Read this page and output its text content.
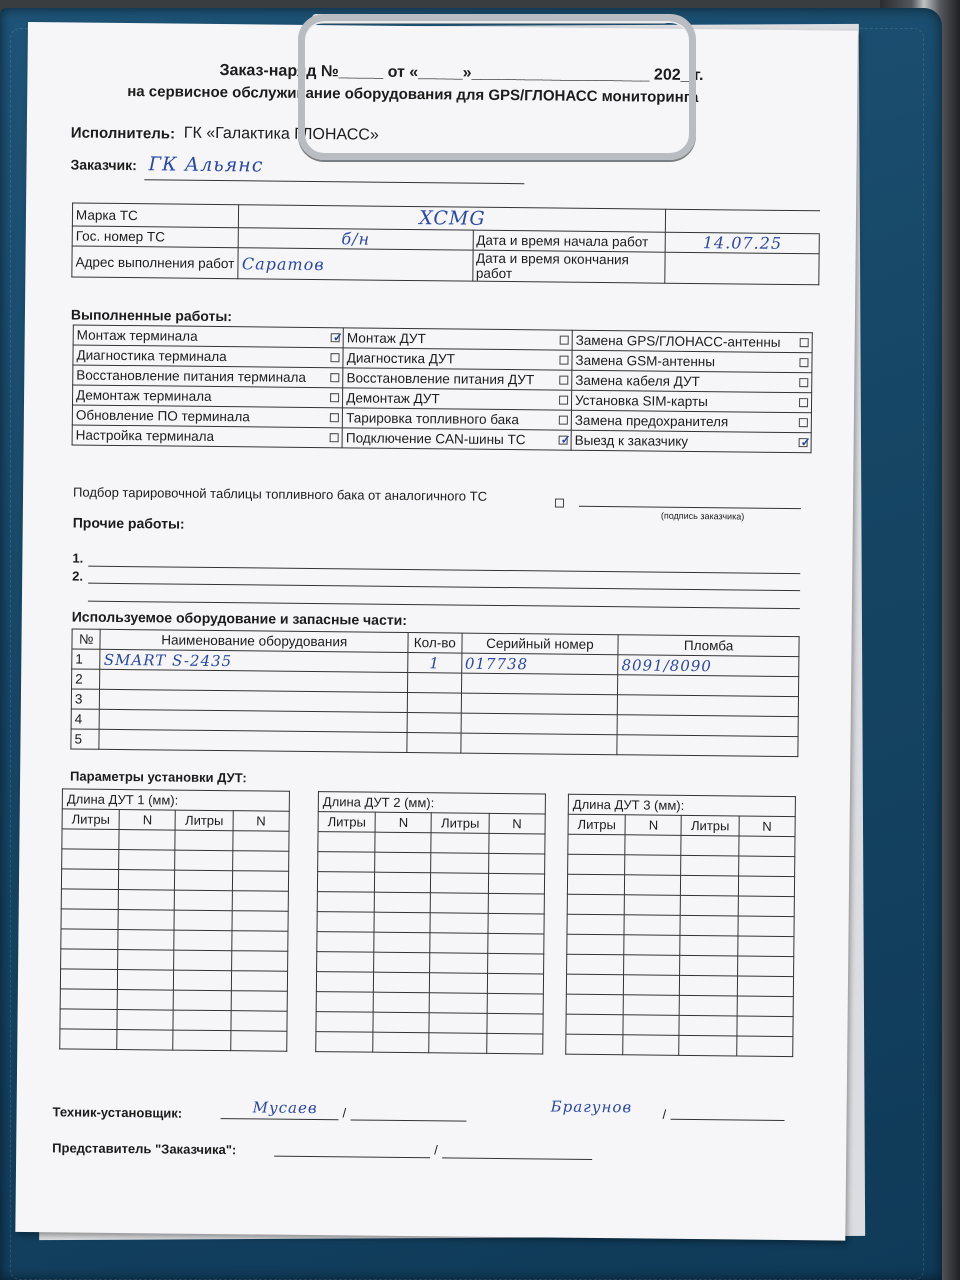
Заказ-наряд №_____ от «_____»____________________ 202_ г.
на сервисное обслуживание оборудования для GPS/ГЛОНАСС мониторинга
Исполнитель: ГК «Галактика ГЛОНАСС»
Заказчик: ГК Альянс
Марка ТС	XCMG		
Гос. номер ТС	б/н	Дата и время начала работ	14.07.25
Адрес выполнения работ	Саратов	Дата и время окончания работ	
Выполненные работы:
Монтаж терминала ✓	Монтаж ДУТ	Замена GPS/ГЛОНАСС-антенны

Диагностика терминала	Диагностика ДУТ	Замена GSM-антенны

Восстановление питания терминала	Восстановление питания ДУТ	Замена кабеля ДУТ

Демонтаж терминала	Демонтаж ДУТ	Установка SIM-карты

Обновление ПО терминала	Тарировка топливного бака	Замена предохранителя

Настройка терминала	Подключение CAN-шины ТС ✓	Выезд к заказчику ✓
Подбор тарировочной таблицы топливного бака от аналогичного ТС
(подпись заказчика)
Прочие работы:
1.
2.
Используемое оборудование и запасные части:
№	Наименование оборудования	Кол-во	Серийный номер	Пломба
1	SMART S-2435	1	017738	8091/8090
2				
3				
4				
5				
Параметры установки ДУТ:
Длина ДУТ 1 (мм):			
Литры	N	Литры	N

Длина ДУТ 2 (мм):			
Литры	N	Литры	N

Длина ДУТ 3 (мм):			
Литры	N	Литры	N

Техник-установщик:	Мусаев /	Брагунов /
Представитель "Заказчика":	/
